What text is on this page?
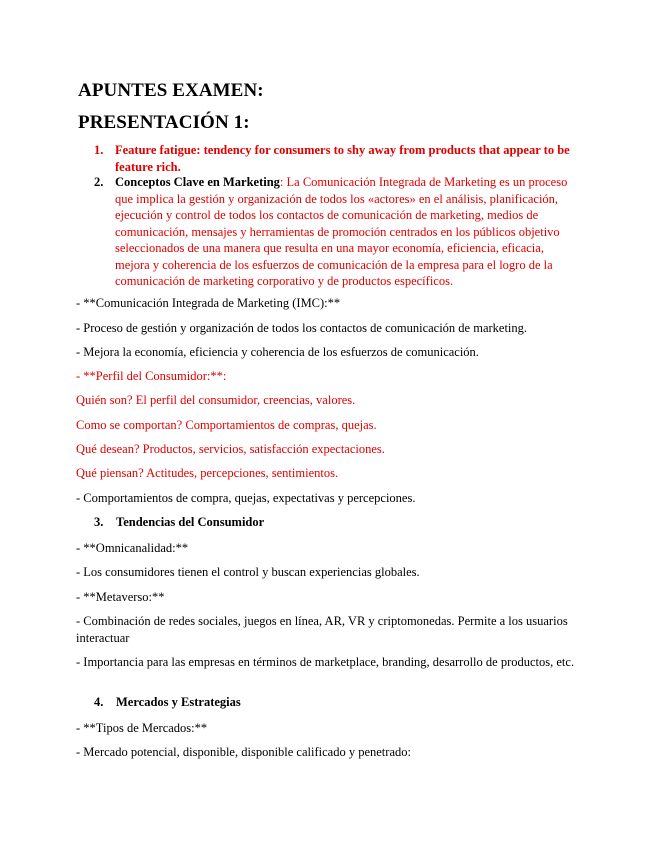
APUNTES EXAMEN:
PRESENTACIÓN 1:
1. Feature fatigue: tendency for consumers to shy away from products that appear to be feature rich.
2. Conceptos Clave en Marketing: La Comunicación Integrada de Marketing es un proceso que implica la gestión y organización de todos los «actores» en el análisis, planificación, ejecución y control de todos los contactos de comunicación de marketing, medios de comunicación, mensajes y herramientas de promoción centrados en los públicos objetivo seleccionados de una manera que resulta en una mayor economía, eficiencia, eficacia, mejora y coherencia de los esfuerzos de comunicación de la empresa para el logro de la comunicación de marketing corporativo y de productos específicos.
- **Comunicación Integrada de Marketing (IMC):**
- Proceso de gestión y organización de todos los contactos de comunicación de marketing.
- Mejora la economía, eficiencia y coherencia de los esfuerzos de comunicación.
- **Perfil del Consumidor:**:
Quién son? El perfil del consumidor, creencias, valores.
Como se comportan? Comportamientos de compras, quejas.
Qué desean? Productos, servicios, satisfacción expectaciones.
Qué piensan? Actitudes, percepciones, sentimientos.
- Comportamientos de compra, quejas, expectativas y percepciones.
3. Tendencias del Consumidor
- **Omnicanalidad:**
- Los consumidores tienen el control y buscan experiencias globales.
- **Metaverso:**
- Combinación de redes sociales, juegos en línea, AR, VR y criptomonedas. Permite a los usuarios interactuar
- Importancia para las empresas en términos de marketplace, branding, desarrollo de productos, etc.
4. Mercados y Estrategias
- **Tipos de Mercados:**
- Mercado potencial, disponible, disponible calificado y penetrado:
